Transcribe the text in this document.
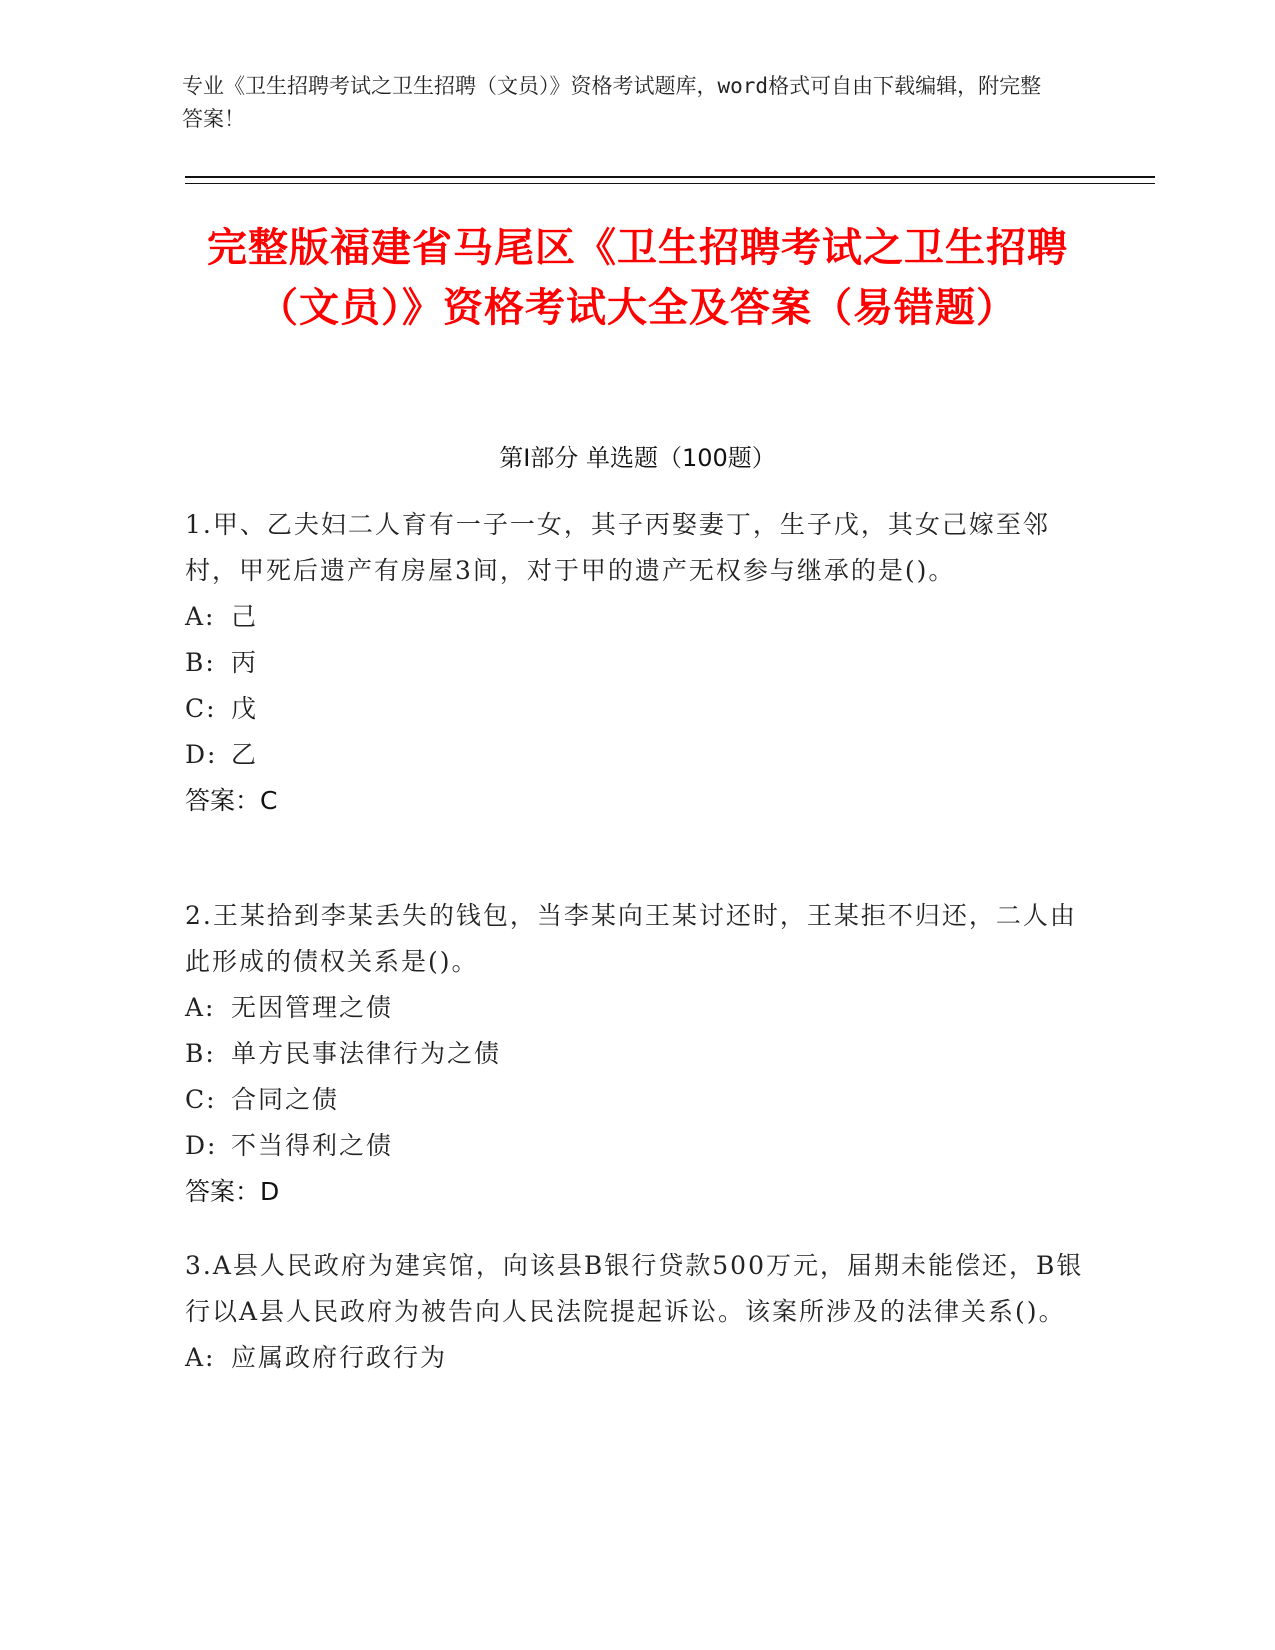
专业《卫生招聘考试之卫生招聘（文员）》资格考试题库，word格式可自由下载编辑，附完整答案！
完整版福建省马尾区《卫生招聘考试之卫生招聘（文员）》资格考试大全及答案（易错题）
第Ⅰ部分 单选题（100题）
1.甲、乙夫妇二人育有一子一女，其子丙娶妻丁，生子戊，其女己嫁至邻村，甲死后遗产有房屋3间，对于甲的遗产无权参与继承的是()。
A: 己
B: 丙
C: 戊
D: 乙
答案：C
2.王某拾到李某丢失的钱包，当李某向王某讨还时，王某拒不归还，二人由此形成的债权关系是()。
A: 无因管理之债
B: 单方民事法律行为之债
C: 合同之债
D: 不当得利之债
答案：D
3.A县人民政府为建宾馆，向该县B银行贷款500万元，届期未能偿还，B银行以A县人民政府为被告向人民法院提起诉讼。该案所涉及的法律关系()。
A: 应属政府行政行为
